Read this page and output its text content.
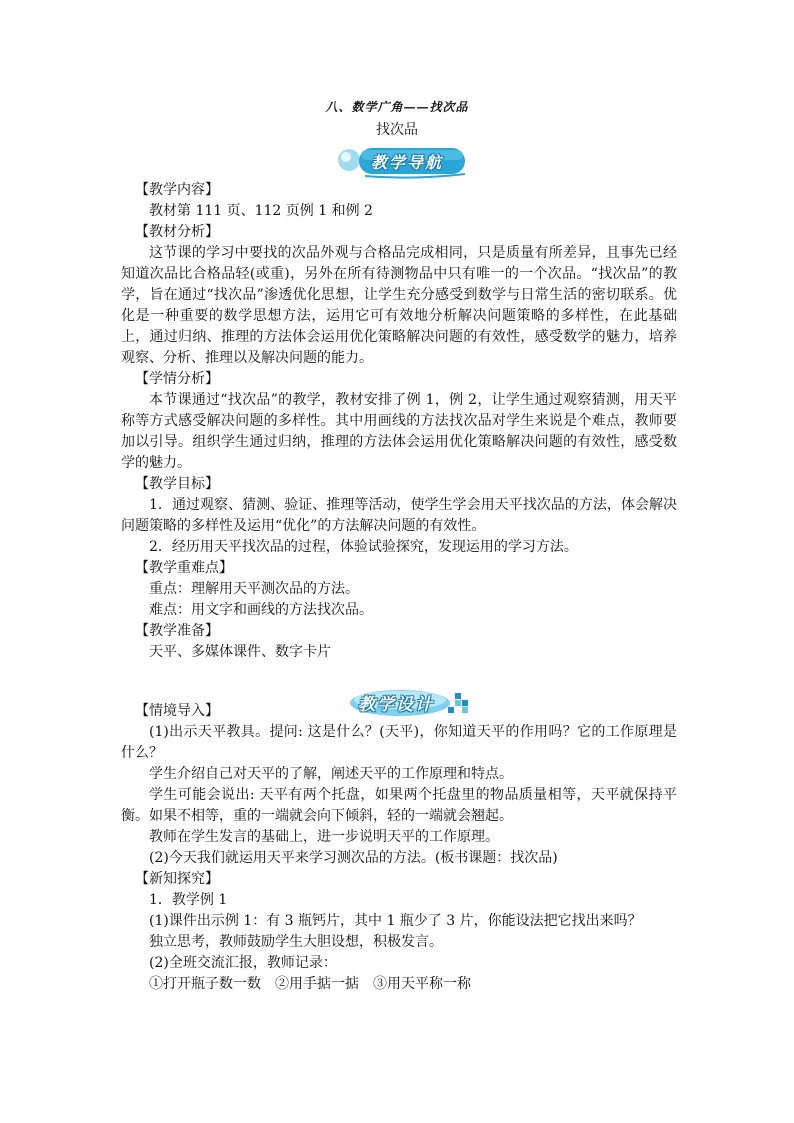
八、数学广角——找次品
找次品
教学导航
教学设计

【教学内容】

教材第 111 页、112 页例 1 和例 2

【教材分析】

这节课的学习中要找的次品外观与合格品完成相同，只是质量有所差异，且事先已经知道次品比合格品轻(或重)，另外在所有待测物品中只有唯一的一个次品。“找次品”的教学，旨在通过“找次品”渗透优化思想，让学生充分感受到数学与日常生活的密切联系。优化是一种重要的数学思想方法，运用它可有效地分析解决问题策略的多样性，在此基础上，通过归纳、推理的方法体会运用优化策略解决问题的有效性，感受数学的魅力，培养观察、分析、推理以及解决问题的能力。

【学情分析】

本节课通过“找次品”的教学，教材安排了例 1，例 2，让学生通过观察猜测，用天平称等方式感受解决问题的多样性。其中用画线的方法找次品对学生来说是个难点，教师要加以引导。组织学生通过归纳，推理的方法体会运用优化策略解决问题的有效性，感受数学的魅力。

【教学目标】

1．通过观察、猜测、验证、推理等活动，使学生学会用天平找次品的方法，体会解决问题策略的多样性及运用“优化”的方法解决问题的有效性。

2．经历用天平找次品的过程，体验试验探究，发现运用的学习方法。

【教学重难点】

重点：理解用天平测次品的方法。

难点：用文字和画线的方法找次品。

【教学准备】

天平、多媒体课件、数字卡片

【情境导入】

(1)出示天平教具。提问: 这是什么？(天平)，你知道天平的作用吗？它的工作原理是什么？

学生介绍自己对天平的了解，阐述天平的工作原理和特点。

学生可能会说出: 天平有两个托盘，如果两个托盘里的物品质量相等，天平就保持平衡。如果不相等，重的一端就会向下倾斜，轻的一端就会翘起。

教师在学生发言的基础上，进一步说明天平的工作原理。

(2)今天我们就运用天平来学习测次品的方法。(板书课题：找次品)

【新知探究】

1．教学例 1

(1)课件出示例 1：有 3 瓶钙片，其中 1 瓶少了 3 片，你能设法把它找出来吗？

独立思考，教师鼓励学生大胆设想，积极发言。

(2)全班交流汇报，教师记录：

①打开瓶子数一数　②用手掂一掂　③用天平称一称
